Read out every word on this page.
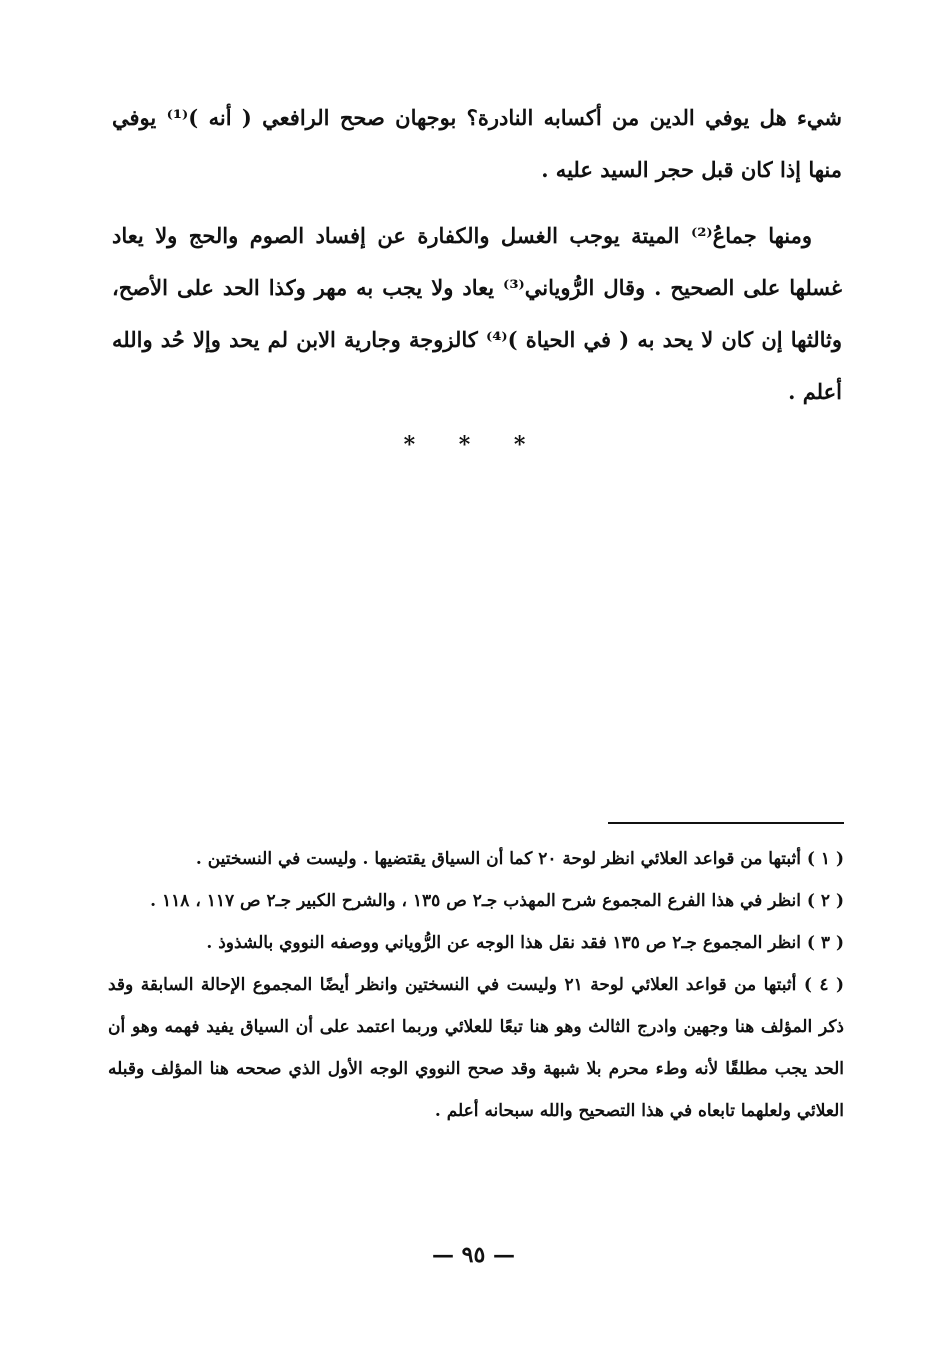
شيء هل يوفي الدين من أكسابه النادرة؟ بوجهان صحح الرافعي ( أنه )⁽¹⁾ يوفي منها إذا كان قبل حجر السيد عليه .

ومنها جماعُ⁽²⁾ الميتة يوجب الغسل والكفارة عن إفساد الصوم والحج ولا يعاد غسلها على الصحيح . وقال الرُّوياني⁽³⁾ يعاد ولا يجب به مهر وكذا الحد على الأصح، وثالثها إن كان لا يحد به ( في الحياة )⁽⁴⁾ كالزوجة وجارية الابن لم يحد وإلا حُد والله أعلم .

* * *

( ١ ) أثبتها من قواعد العلائي انظر لوحة ٢٠ كما أن السياق يقتضيها . وليست في النسختين .

( ٢ ) انظر في هذا الفرع المجموع شرح المهذب جـ٢ ص ١٣٥ ، والشرح الكبير جـ٢ ص ١١٧ ، ١١٨ .

( ٣ ) انظر المجموع جـ٢ ص ١٣٥ فقد نقل هذا الوجه عن الرُّوياني ووصفه النووي بالشذوذ .

( ٤ ) أثبتها من قواعد العلائي لوحة ٢١ وليست في النسختين وانظر أيضًا المجموع الإحالة السابقة وقد ذكر المؤلف هنا وجهين وادرج الثالث وهو هنا تبعًا للعلائي وربما اعتمد على أن السياق يفيد فهمه وهو أن الحد يجب مطلقًا لأنه وطء محرم بلا شبهة وقد صحح النووي الوجه الأول الذي صححه هنا المؤلف وقبله العلائي ولعلهما تابعاه في هذا التصحيح والله سبحانه أعلم .

— ٩٥ —
